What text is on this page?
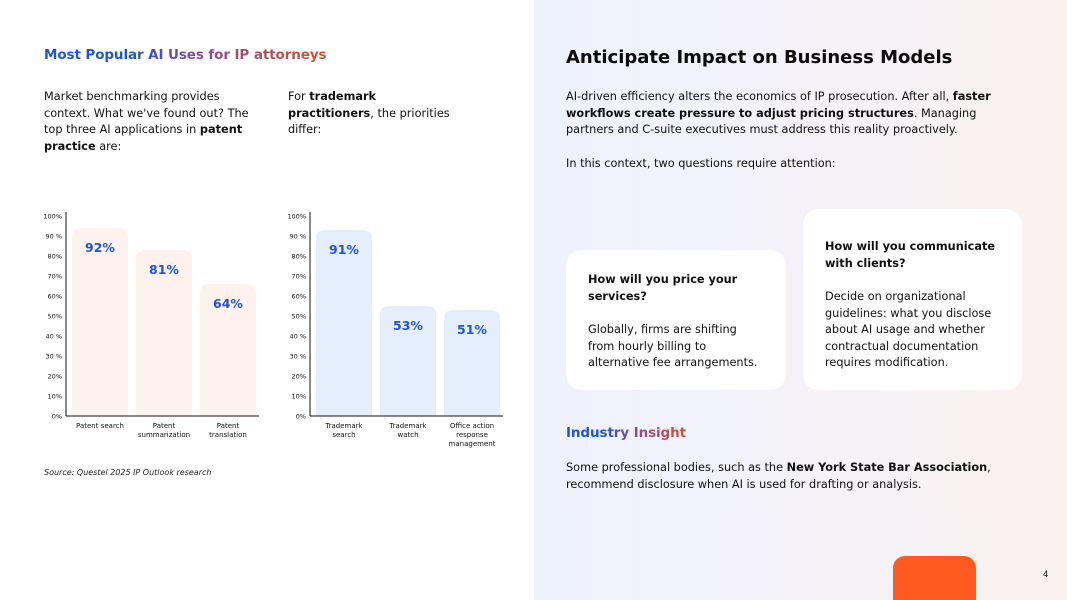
Most Popular AI Uses for IP attorneys
Market benchmarking provides context. What we've found out? The top three AI applications in patent practice are:
For trademark practitioners, the priorities differ:
0%
10%
20%
30 %
40 %
50%
60%
70%
80%
90 %
100%
92%
Patent search
81%
Patent
summarization
64%
Patent
translation
0%
10%
20%
30 %
40 %
50%
60%
70%
80%
90 %
100%
91%
Trademark
search
53%
Trademark
watch
51%
Office action
response
management
Source: Questel 2025 IP Outlook research
Anticipate Impact on Business Models
AI-driven efficiency alters the economics of IP prosecution. After all, faster workflows create pressure to adjust pricing structures. Managing partners and C-suite executives must address this reality proactively.
In this context, two questions require attention:
How will you price your services?
Globally, firms are shifting from hourly billing to alternative fee arrangements.
How will you communicate with clients?
Decide on organizational guidelines: what you disclose about AI usage and whether contractual documentation requires modification.
Industry Insight
Some professional bodies, such as the New York State Bar Association, recommend disclosure when AI is used for drafting or analysis.
4
